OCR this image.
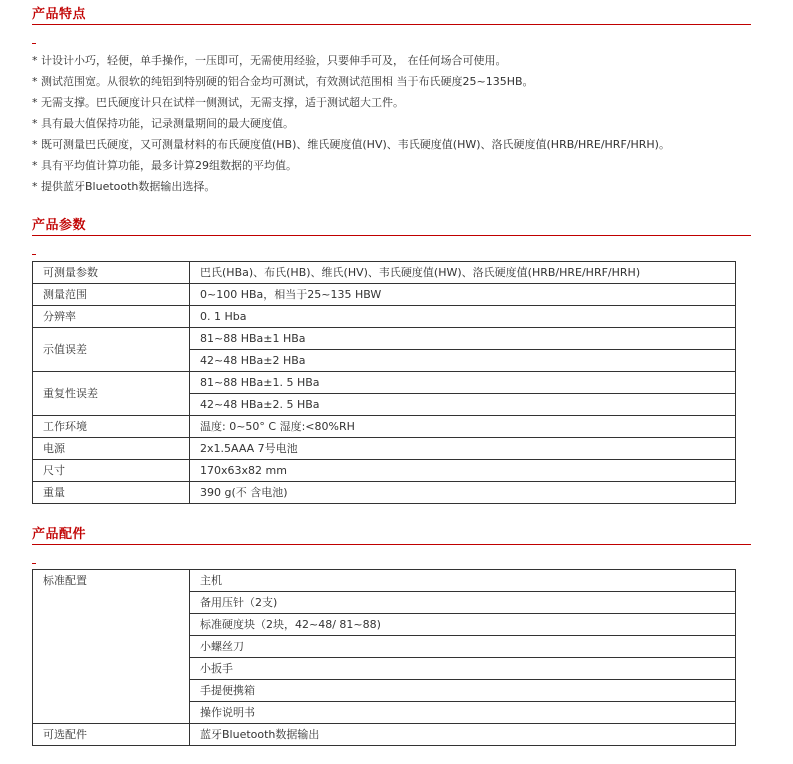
产品特点
* 计设计小巧，轻便，单手操作，一压即可，无需使用经验，只要伸手可及， 在任何场合可使用。
* 测试范围宽。从很软的纯铝到特别硬的铝合金均可测试，有效测试范围相 当于布氏硬度25~135HB。
* 无需支撑。巴氏硬度计只在试样一侧测试，无需支撑，适于测试超大工件。
* 具有最大值保持功能，记录测量期间的最大硬度值。
* 既可测量巴氏硬度，又可测量材料的布氏硬度值(HB)、维氏硬度值(HV)、韦氏硬度值(HW)、洛氏硬度值(HRB/HRE/HRF/HRH)。
* 具有平均值计算功能，最多计算29组数据的平均值。
* 提供蓝牙Bluetooth数据输出选择。
产品参数
可测量参数	巴氏(HBa)、布氏(HB)、维氏(HV)、韦氏硬度值(HW)、洛氏硬度值(HRB/HRE/HRF/HRH)
测量范围	0~100 HBa，相当于25~135 HBW
分辨率	0. 1 Hba
示值误差	81~88 HBa±1 HBa
	42~48 HBa±2 HBa
重复性误差	81~88 HBa±1. 5 HBa
	42~48 HBa±2. 5 HBa
工作环境	温度: 0~50° C 湿度:<80%RH
电源	2x1.5AAA 7号电池
尺寸	170x63x82 mm
重量	390 g(不 含电池)
产品配件
标准配置	主机
	备用压针（2支)
	标准硬度块（2块，42~48/ 81~88)
	小螺丝刀
	小扳手
	手提便携箱
	操作说明书
可选配件	蓝牙Bluetooth数据输出
